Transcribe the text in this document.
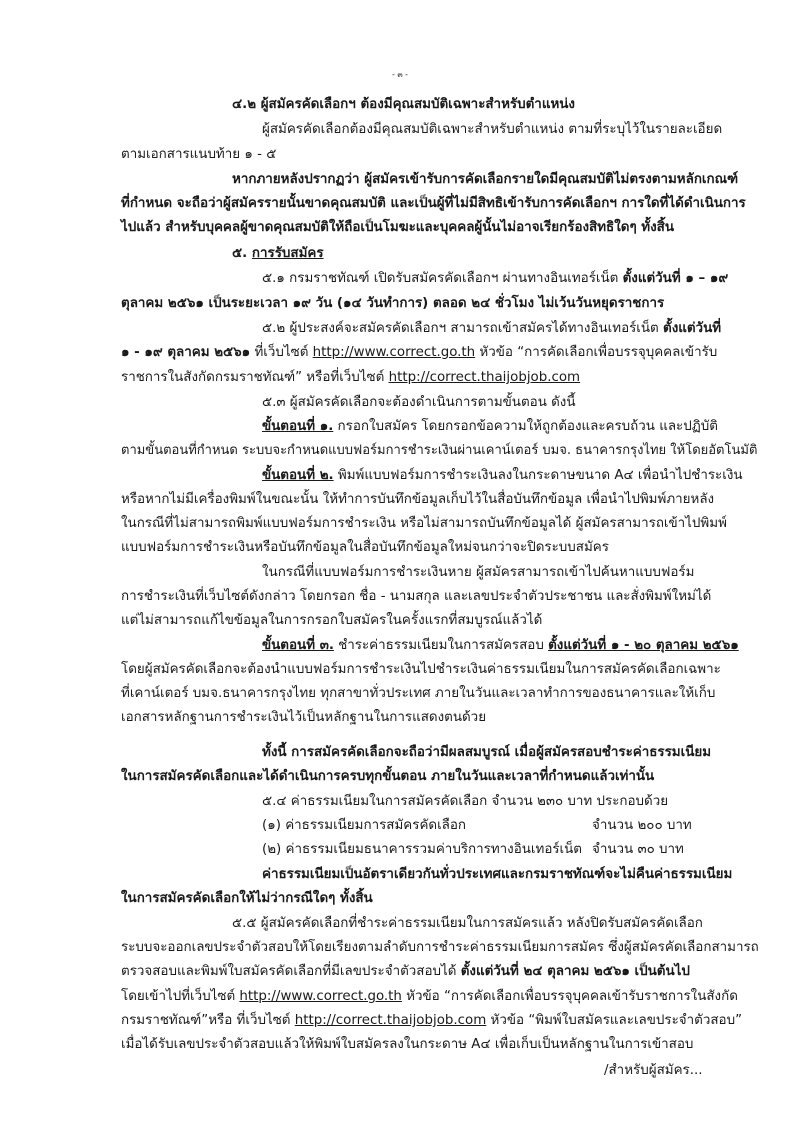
- ๓ -

๔.๒ ผู้สมัครคัดเลือกฯ ต้องมีคุณสมบัติเฉพาะสำหรับตำแหน่ง

ผู้สมัครคัดเลือกต้องมีคุณสมบัติเฉพาะสำหรับตำแหน่ง ตามที่ระบุไว้ในรายละเอียด

ตามเอกสารแนบท้าย ๑ - ๕

หากภายหลังปรากฏว่า ผู้สมัครเข้ารับการคัดเลือกรายใดมีคุณสมบัติไม่ตรงตามหลักเกณฑ์

ที่กำหนด จะถือว่าผู้สมัครรายนั้นขาดคุณสมบัติ และเป็นผู้ที่ไม่มีสิทธิเข้ารับการคัดเลือกฯ การใดที่ได้ดำเนินการ

ไปแล้ว สำหรับบุคคลผู้ขาดคุณสมบัติให้ถือเป็นโมฆะและบุคคลผู้นั้นไม่อาจเรียกร้องสิทธิใดๆ ทั้งสิ้น

๕. การรับสมัคร

๕.๑ กรมราชทัณฑ์ เปิดรับสมัครคัดเลือกฯ ผ่านทางอินเทอร์เน็ต ตั้งแต่วันที่ ๑ – ๑๙

ตุลาคม ๒๕๖๑ เป็นระยะเวลา ๑๙ วัน (๑๔ วันทำการ) ตลอด ๒๔ ชั่วโมง ไม่เว้นวันหยุดราชการ

๕.๒ ผู้ประสงค์จะสมัครคัดเลือกฯ สามารถเข้าสมัครได้ทางอินเทอร์เน็ต ตั้งแต่วันที่

๑ - ๑๙ ตุลาคม ๒๕๖๑ ที่เว็บไซต์ http://www.correct.go.th หัวข้อ “การคัดเลือกเพื่อบรรจุบุคคลเข้ารับ

ราชการในสังกัดกรมราชทัณฑ์” หรือที่เว็บไซต์ http://correct.thaijobjob.com

๕.๓ ผู้สมัครคัดเลือกจะต้องดำเนินการตามขั้นตอน ดังนี้

ขั้นตอนที่ ๑. กรอกใบสมัคร โดยกรอกข้อความให้ถูกต้องและครบถ้วน และปฏิบัติ

ตามขั้นตอนที่กำหนด ระบบจะกำหนดแบบฟอร์มการชำระเงินผ่านเคาน์เตอร์ บมจ. ธนาคารกรุงไทย ให้โดยอัตโนมัติ

ขั้นตอนที่ ๒. พิมพ์แบบฟอร์มการชำระเงินลงในกระดาษขนาด A๔ เพื่อนำไปชำระเงิน

หรือหากไม่มีเครื่องพิมพ์ในขณะนั้น ให้ทำการบันทึกข้อมูลเก็บไว้ในสื่อบันทึกข้อมูล เพื่อนำไปพิมพ์ภายหลัง

ในกรณีที่ไม่สามารถพิมพ์แบบฟอร์มการชำระเงิน หรือไม่สามารถบันทึกข้อมูลได้ ผู้สมัครสามารถเข้าไปพิมพ์

แบบฟอร์มการชำระเงินหรือบันทึกข้อมูลในสื่อบันทึกข้อมูลใหม่จนกว่าจะปิดระบบสมัคร

ในกรณีที่แบบฟอร์มการชำระเงินหาย ผู้สมัครสามารถเข้าไปค้นหาแบบฟอร์ม

การชำระเงินที่เว็บไซต์ดังกล่าว โดยกรอก ชื่อ - นามสกุล และเลขประจำตัวประชาชน และสั่งพิมพ์ใหม่ได้

แต่ไม่สามารถแก้ไขข้อมูลในการกรอกใบสมัครในครั้งแรกที่สมบูรณ์แล้วได้

ขั้นตอนที่ ๓. ชำระค่าธรรมเนียมในการสมัครสอบ ตั้งแต่วันที่ ๑ - ๒๐ ตุลาคม ๒๕๖๑

โดยผู้สมัครคัดเลือกจะต้องนำแบบฟอร์มการชำระเงินไปชำระเงินค่าธรรมเนียมในการสมัครคัดเลือกเฉพาะ

ที่เคาน์เตอร์ บมจ.ธนาคารกรุงไทย ทุกสาขาทั่วประเทศ ภายในวันและเวลาทำการของธนาคารและให้เก็บ

เอกสารหลักฐานการชำระเงินไว้เป็นหลักฐานในการแสดงตนด้วย

ทั้งนี้ การสมัครคัดเลือกจะถือว่ามีผลสมบูรณ์ เมื่อผู้สมัครสอบชำระค่าธรรมเนียม

ในการสมัครคัดเลือกและได้ดำเนินการครบทุกขั้นตอน ภายในวันและเวลาที่กำหนดแล้วเท่านั้น

๕.๔ ค่าธรรมเนียมในการสมัครคัดเลือก จำนวน ๒๓๐ บาท ประกอบด้วย

(๑) ค่าธรรมเนียมการสมัครคัดเลือก	จำนวน ๒๐๐ บาท

(๒) ค่าธรรมเนียมธนาคารรวมค่าบริการทางอินเทอร์เน็ต จำนวน ๓๐ บาท

ค่าธรรมเนียมเป็นอัตราเดียวกันทั่วประเทศและกรมราชทัณฑ์จะไม่คืนค่าธรรมเนียม

ในการสมัครคัดเลือกให้ไม่ว่ากรณีใดๆ ทั้งสิ้น

๕.๕ ผู้สมัครคัดเลือกที่ชำระค่าธรรมเนียมในการสมัครแล้ว หลังปิดรับสมัครคัดเลือก

ระบบจะออกเลขประจำตัวสอบให้โดยเรียงตามลำดับการชำระค่าธรรมเนียมการสมัคร ซึ่งผู้สมัครคัดเลือกสามารถ

ตรวจสอบและพิมพ์ใบสมัครคัดเลือกที่มีเลขประจำตัวสอบได้ ตั้งแต่วันที่ ๒๔ ตุลาคม ๒๕๖๑ เป็นต้นไป

โดยเข้าไปที่เว็บไซต์ http://www.correct.go.th หัวข้อ “การคัดเลือกเพื่อบรรจุบุคคลเข้ารับราชการในสังกัด

กรมราชทัณฑ์”หรือ ที่เว็บไซต์ http://correct.thaijobjob.com หัวข้อ “พิมพ์ใบสมัครและเลขประจำตัวสอบ”

เมื่อได้รับเลขประจำตัวสอบแล้วให้พิมพ์ใบสมัครลงในกระดาษ A๔ เพื่อเก็บเป็นหลักฐานในการเข้าสอบ

/สำหรับผู้สมัคร...
